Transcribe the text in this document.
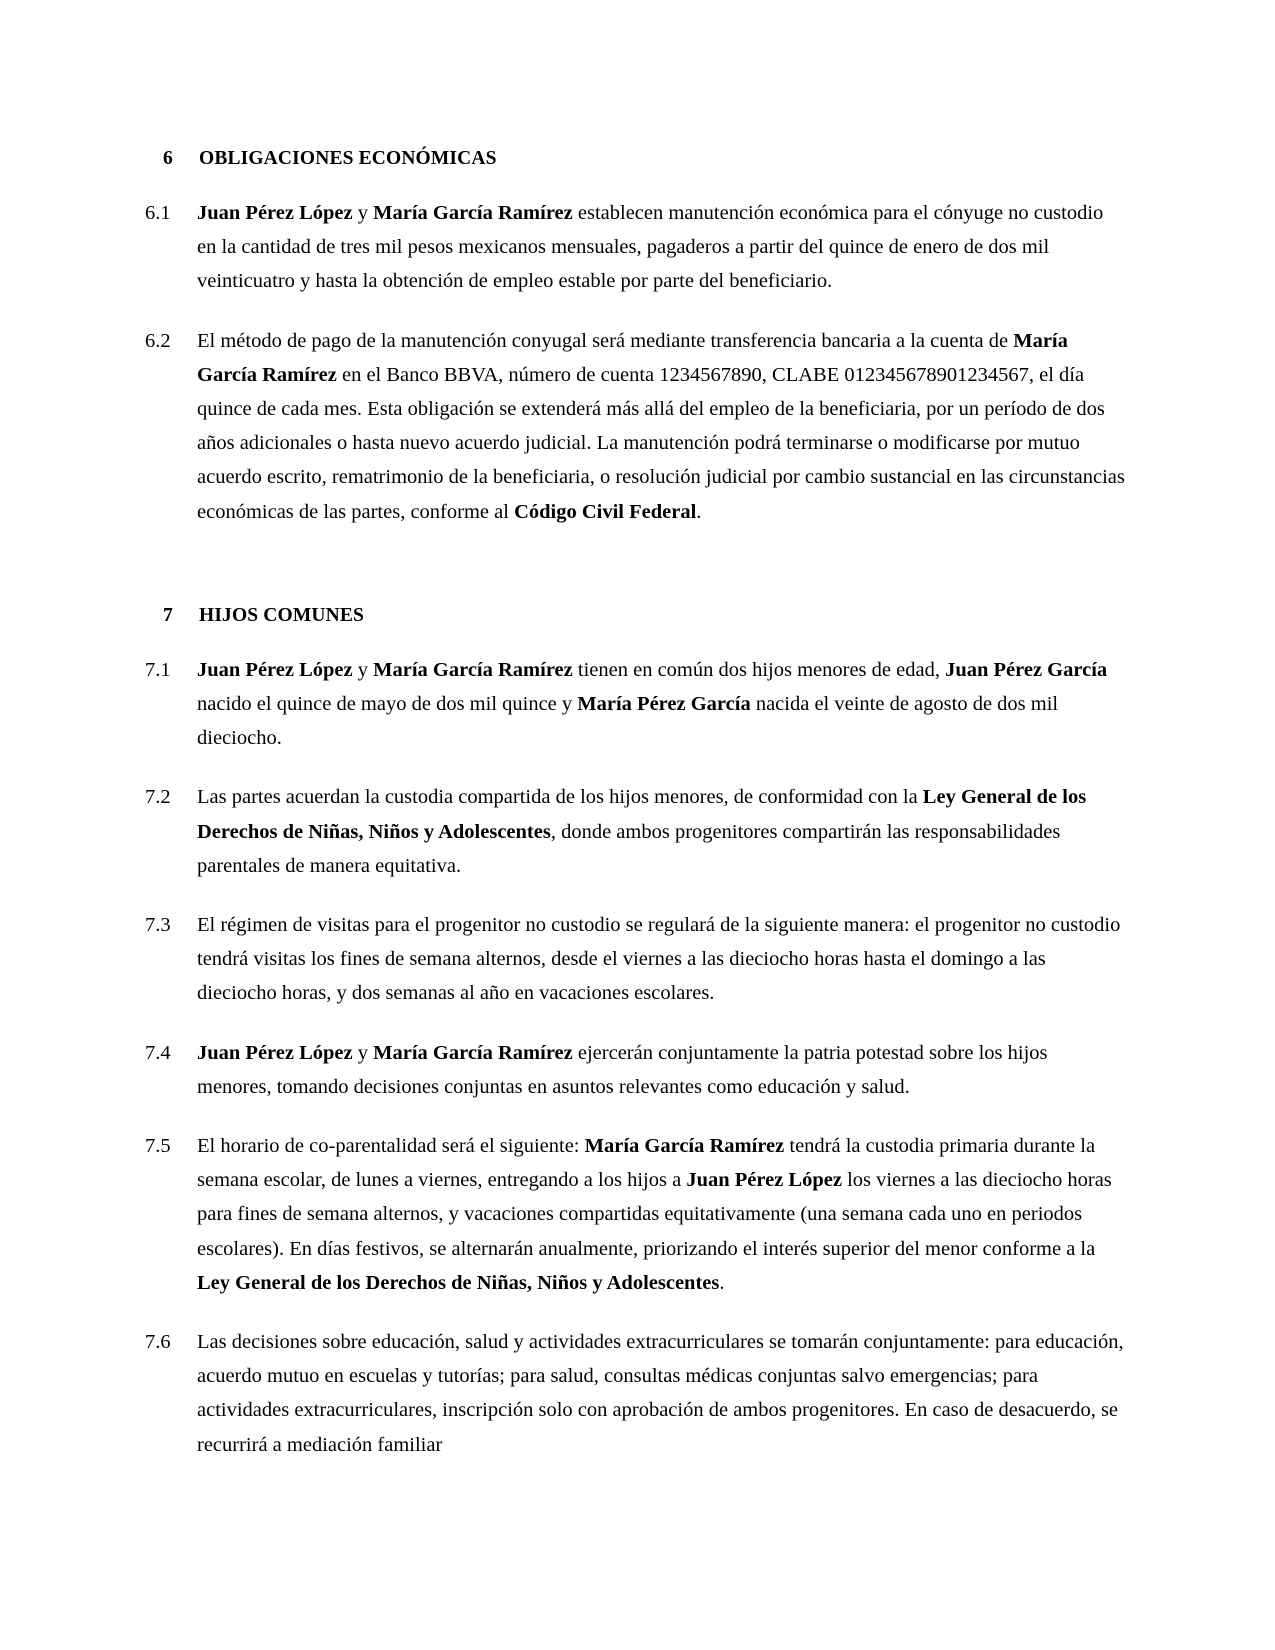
6	OBLIGACIONES ECONÓMICAS
6.1	Juan Pérez López y María García Ramírez establecen manutención económica para el cónyuge no custodio en la cantidad de tres mil pesos mexicanos mensuales, pagaderos a partir del quince de enero de dos mil veinticuatro y hasta la obtención de empleo estable por parte del beneficiario.
6.2	El método de pago de la manutención conyugal será mediante transferencia bancaria a la cuenta de María García Ramírez en el Banco BBVA, número de cuenta 1234567890, CLABE 012345678901234567, el día quince de cada mes. Esta obligación se extenderá más allá del empleo de la beneficiaria, por un período de dos años adicionales o hasta nuevo acuerdo judicial. La manutención podrá terminarse o modificarse por mutuo acuerdo escrito, rematrimonio de la beneficiaria, o resolución judicial por cambio sustancial en las circunstancias económicas de las partes, conforme al Código Civil Federal.
7	HIJOS COMUNES
7.1	Juan Pérez López y María García Ramírez tienen en común dos hijos menores de edad, Juan Pérez García nacido el quince de mayo de dos mil quince y María Pérez García nacida el veinte de agosto de dos mil dieciocho.
7.2	Las partes acuerdan la custodia compartida de los hijos menores, de conformidad con la Ley General de los Derechos de Niñas, Niños y Adolescentes, donde ambos progenitores compartirán las responsabilidades parentales de manera equitativa.
7.3	El régimen de visitas para el progenitor no custodio se regulará de la siguiente manera: el progenitor no custodio tendrá visitas los fines de semana alternos, desde el viernes a las dieciocho horas hasta el domingo a las dieciocho horas, y dos semanas al año en vacaciones escolares.
7.4	Juan Pérez López y María García Ramírez ejercerán conjuntamente la patria potestad sobre los hijos menores, tomando decisiones conjuntas en asuntos relevantes como educación y salud.
7.5	El horario de co-parentalidad será el siguiente: María García Ramírez tendrá la custodia primaria durante la semana escolar, de lunes a viernes, entregando a los hijos a Juan Pérez López los viernes a las dieciocho horas para fines de semana alternos, y vacaciones compartidas equitativamente (una semana cada uno en periodos escolares). En días festivos, se alternarán anualmente, priorizando el interés superior del menor conforme a la Ley General de los Derechos de Niñas, Niños y Adolescentes.
7.6	Las decisiones sobre educación, salud y actividades extracurriculares se tomarán conjuntamente: para educación, acuerdo mutuo en escuelas y tutorías; para salud, consultas médicas conjuntas salvo emergencias; para actividades extracurriculares, inscripción solo con aprobación de ambos progenitores. En caso de desacuerdo, se recurrirá a mediación familiar
